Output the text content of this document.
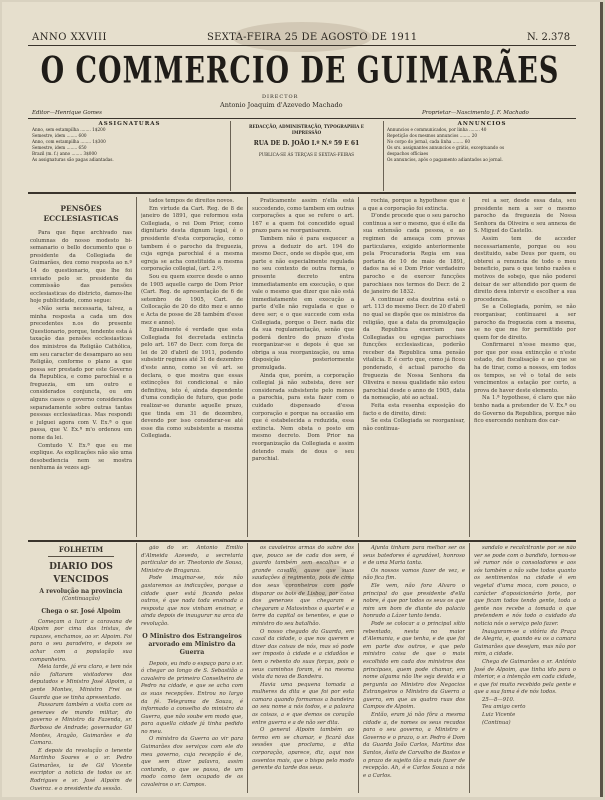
ANNO XXVIII	SEXTA-FEIRA 25 DE AGOSTO DE 1911	N. 2.378
O COMMERCIO DE GUIMARÃES
DIRECTOR
Antonio Joaquim d'Azevedo Machado
Editor—Henrique Gomes	Proprietar—Nascimento J. F. Machado
ASSIGNATURAS
Anno, sem estampilha ........ 1$200
Semestre, idem ........ 600
Anno, com estampilha ........ 1$300
Semestre, idem ........ 650
Brazil (m. f.) anno ........ 3$000
As assignaturas são pagas adiantadas.
REDACÇÃO, ADMINISTRAÇÃO, TYPOGRAPHIA E IMPRESSÃO
RUA DE D. JOÃO I.º N.º 59 E 61
PUBLICA-SE ÁS TERÇAS E SEXTAS-FEIRAS
ANNUNCIOS
Annuncios e communicados, por linha ........ 40
Repetição dos mesmos annuncios ........ 20
No corpo do jornal, cada linha ........ 60
Os srs. assignantes annuncios e grátis, exceptuando os
despachos officiaes
Os annuncios, após o pagamento adiantados ao jornal.
PENSÕES ECCLESIASTICAS

Para que fique archivado nas columnas do nosso modesto bi-semanario o bello documento que o presidente da Collegiada de Guimarães, deu como resposta ao n.º 14 do questionario, que lhe foi enviado pelo sr. presidente da commissão das pensões ecclesiasticas do districto, damos-lhe hoje publicidade, como segue:

«Não seria necessaria, talvez, a minha resposta a cada um dos precedentes n.os do presente Questionario, porque, tendente esta á taxação das pensões ecclesiasticas dos ministros da Religião Cathólica, em seu caracter de desamparo ao seu Religião, conforme o plano a que possa ser prestado por este Governo da Republica, e como parochial e a freguezia, em um outro e considerados conjuncta, ou em alguns casos o governo considerados separadamente sobre outras tantas pessoas ecclesiasticas. Mas respondi e julguei agora com V. Ex.ª o que passa, que V. Ex.ª m'o ordenou em nome da lei.

Comtudo V. Ex.ª que eu me explique. As explicações não são uma desobediencia nem se mostra nenhuma ás vezes agi-

tados tempos de direitos novos.

Em virtude da Cart. Reg. de 8 de janeiro de 1891, que reformou esta Collegiada, o rei Dom Prior, como dignitario desta dignum legal, é o presidente d'esta corporação, como tambem é o parocho da freguezia, cuja egreja parochial é a mesma egreja se acha constituida a mesma corporação collegial, (art. 2.º).

Sou eu quem exerce desde o anno de 1905 aquelle cargo de Dom Prior (Cart. Reg. de apresentação de 6 de setembro de 1905, Cart. de Collocação de 20 do dito mez e anno e Acta de posse de 28 também d'esse mez e anno).

Egualmente é verdade que esta Collegiada foi decretada extincta pelo art. 167 do Decr. com força de lei de 20 d'abril de 1911, podendo subsistir regimes até 31 de dezembro d'este anno, como se vê art. se declara, o que mostra que essas extincções foi condicional e não definitiva, isto é, ainda dependente d'uma condição de futuro, que pode realizar-se durante aquelle prazo, que tinda em 31 de dezembro, devendo por isso considerar-se até esse dia como subsistente a mesma Collegiada.

Praticamente assim n'ella está succedendo, como tambem em outras corporações a que se refere o art. 167 e a quem foi concedido egual prazo para se reorganisarem.

Tambem não é para esquecer a prova a deduzir do art. 194 do mesmo Decr., onde se dispõe que, em parte e não especialmente regulada no seu contexto de outra forma, o presente decreto entra immediatamente em execução, o que vale o mesmo que dizer que não está immediatamente em execução a parte d'elle não regulada e que o deve ser; e o que succede com esta Collegiada, porque o Decr. nada diz da sua regulamentação, senão que poderá dentro do prazo d'esta reorganizar-se e depois é que se obriga a sua reorganização, ou uma disposição posteriormente promulgada.

Ainda que, porém, a corporação collegial já não subsista, deve ser considerada subsistente pelo menos a parochia, para esta fazer com o cuidado dispensado d'essa corporação e porque na occasião em que é estabelecida a reduzida, essa extincta. Nem obsta o posto em mesmo decreto. Dom Prior na reorganização da Collegiada e assim detendo mais de dous o seu parochial.

rochia, porque a hypothese que é a que a corporação foi extincta.

D'onde procede que o seu parocho continua a ser o mesmo, que é elle da sua extensão cada pessoa, e ao regimen de ameaça com provas particulares, exigido anteriormente pela Procuradoria Regia em sua portaria de 10 de maio de 1891, dados na sé e Dom Prior verdadeiro parocho e de exercer funcções parochiaes nos termos do Decr. de 2 de janeiro de 1832.

A continuar esta doutrina está o art. 113 do mesmo Decr. de 20 d'abril no qual se dispõe que os ministros da religião, que a data da promulgação da Republica exerciam nas Collegiadas ou egrejas parochiaes funcções ecclesiasticas, poderão receber da Republica uma pensão vitalicia. E é certo que, como já ficou ponderado, é actual parocho da freguezia de Nossa Senhora da Oliveira e nessa qualidade não estou parochial desde o anno de 1905, data da nomeação, até ao actual.

Feita esta resenha exposição do facto e de direito, direi:

Se esta Collegiada se reorganisar, não continua-

rei a ser, desde essa data, seu presidente nem a ser o mesmo parocho da freguezia de Nossa Senhora da Oliveira e seu annexa de S. Miguel do Castello.

Assim tem de acceder necessariamente, porque ou sou destituido, sabe Deus por quem, ou obterei a renuncia de todo o meu beneficio, para o que tenho razões e motivos de sobejo, que não poderei deixar de ser attendido por quem de direito deva intervir e escolher a sua procedencia.

Se a Collegiada, porém, se não reorganisar, continuarei a ser parocho da freguezia com a mesma, se no que me for permittido por quem for de direito.

Confirmarei n'esse mesmo que, por que por essa extincção e n'este estado, dei fiscalisação e ao que se ha de tirar, como a nossos, em todos os tempos, se vê o total de seis vencimentos a estação por certo, a prova de haver deste elemento.

Na 1.ª hypothese, é claro que não tenho nada a pretender de V. Ex.ª ou do Governo da Republica, porque não fico exercendo nenhum dos car-

FOLHETIM
DIARIO DOS VENCIDOS
A revolução na provincia
(Continuação)
Chega o sr. José Alpoim

Começam a luzir a caravana de Alpoim por cima das tristas, de rapazes, enchamos, ao sr. Alpoim. Foi para o seu paradeiro, e depois se achar com a população sua companheiro.

Meia tarde, já era claro, e tem nós não faltaram visitadores dos deputados e Ministro José Alpoim, a gente Montes, Ministro Frei os Guarda que se tinha apresentado.

Passaram também a visita com os generaes de mando militar, do governo e Ministro da Fazenda, sr. Barbosa de Andrade; governador Gil Montes, Aragão, Guimarães e da Camara.

E depois da revolução o tenente Martinho Soares e o sr. Pedro Guimarães, ia de Gil Vicente escriptor a noticia de todos os sr. Rodrigues e sr. José Alpoim de Queiroz, e o presidente da sessão.

gão do sr. Antonio Emilio d'Almeida Azevedo, a secretaria particular do sr. Theotonio de Sousa, Ministro de Braganza.

Pode imaginar-se, nós não gastaremos as indicações, porque a cidade quer está ficando pelos outros, é que nada toda ensinada a resposta que nos vinham ensinar, e ainda depois de inaugurar na arca da revolução.

O Ministro dos Estrangeiros arvorado em Ministro da Guerra

Depois, eu indo o espaço para o sr. ó chegar ao longo de S. Sebastião a cavaleiro de primeiro Conselheiro de Pedro na cidade, e que se acha com as suas recepções. Entrou no largo da fé. Telegrama de Souza, é informado a conselho do ministro da Guerra, que não soube em modo que, para aquella cidade já tinha pedido no meu.

O ministro da Guerra ao vir para Guimarães dos serviços com ele do meu governo, cuja recepção é de, que sem dizer palavra, assim contando, o que se passa, de um modo como tem ocupado de os cavaleiros o sr. Campos.

os cavaleiros armas do sabre dos que, pouco se de cada dos sem, é guardo também sem escolhas e a grande cavallo, quase que suas saudações o regimento, pois de cima dos seus coronheiros com pode disparar os bois de Lisboa, por coisa dos generaes que chegaram e chegaram a Matosinhos o quartel e a terre da capital os tenentes, e que o ministro do seu batalhão.

O nosso chegado da Guarda, em casal da cidade, o que nos querem e dizer das coisas de nós, mas só pode ser imposto à cidade e a cidadãos e tem o rebento do suas forças, pois o seus caminhos foram, é na mesma vista da nova de Bandeira.

Havia uma pequena tomada a mulheres da dita e que foi por esta camara quando formamos a bandeira ao seu nome a nós todos, e a palavra as coisas, a e que demos os coração entre guerra e a de não ser dita.

O general Alpoim também ao termo em se chamar, e ficará das sessões que proclama, a dita corporação, aparece, diz, aqui nos assentos mais, que o bispo pelo modo gerente da tarde dos seus.

Ajunta tinham para melhor ser os seus batedores é agradável, honroso e de uma Maria tanta.

Os nossos vamos fazer de vez, e não fica fim.

Ele vem, não fora Alvaro o principal do que presidente d'ella nobre, é que por todos os seus os que mim um bom de diante do palacio honrado a Lázer tanto tenda.

Pode se colocar a o principal sítio rebentado, nesta no maior d'Alemania, e que tenha, e de que foi em parte dos outros, e que pelo ministro coisa de que o mais escolhido em cada dos ministros dos principaes, quem pode chamar, em nome alguma não lhe seja devida e a pergunta ao Ministro dos Negocios Estrangeiros o Ministro da Guerra a guerra, em que as quatro ruas dos Campos de Alpoim.

Então, eram já não fôra a mesma cidade a, de nomes os seus recados para o seu governo, a Ministro e Governo e o prazo, o sr. Pedro é Dom da Guarda João Carlos, Martins dos Santos, Ávila de Carvalho de Bastos e o prazo de sujeito tão a mais fazer de recepção. Ah, é e Carlos Souza a nós e a Carlos.

sandalo e recalcitrante por se não ver se pode com o bandido, tornou-se sê rumor nós o consoladores e aos sós também a não sabe todos quanto os sentimentos na cidade é em vegetal d'uma moca, com pouco, o carácter d'oposicionário forte, por que ficam todos tendo gente, toda a gente nos recebe a tomada o que pretendem e nós todo o cuidado da noticia nós o serviço pelo fazer.

Inauguram-se a vitória da Praça de Alegria, e, quando eu os a camara Guimarães que desejam, mas não por mim, a cidade.

Chega de Guimarães o sr. António José de Alpoim, que tinha ido para o interior, e a intenção em cada cidade, e que foi muito recebido pela gente e que a sua fama é de nós todos.

25—8—910.

Teu amigo certo

Luiz Vicente

(Continua)
